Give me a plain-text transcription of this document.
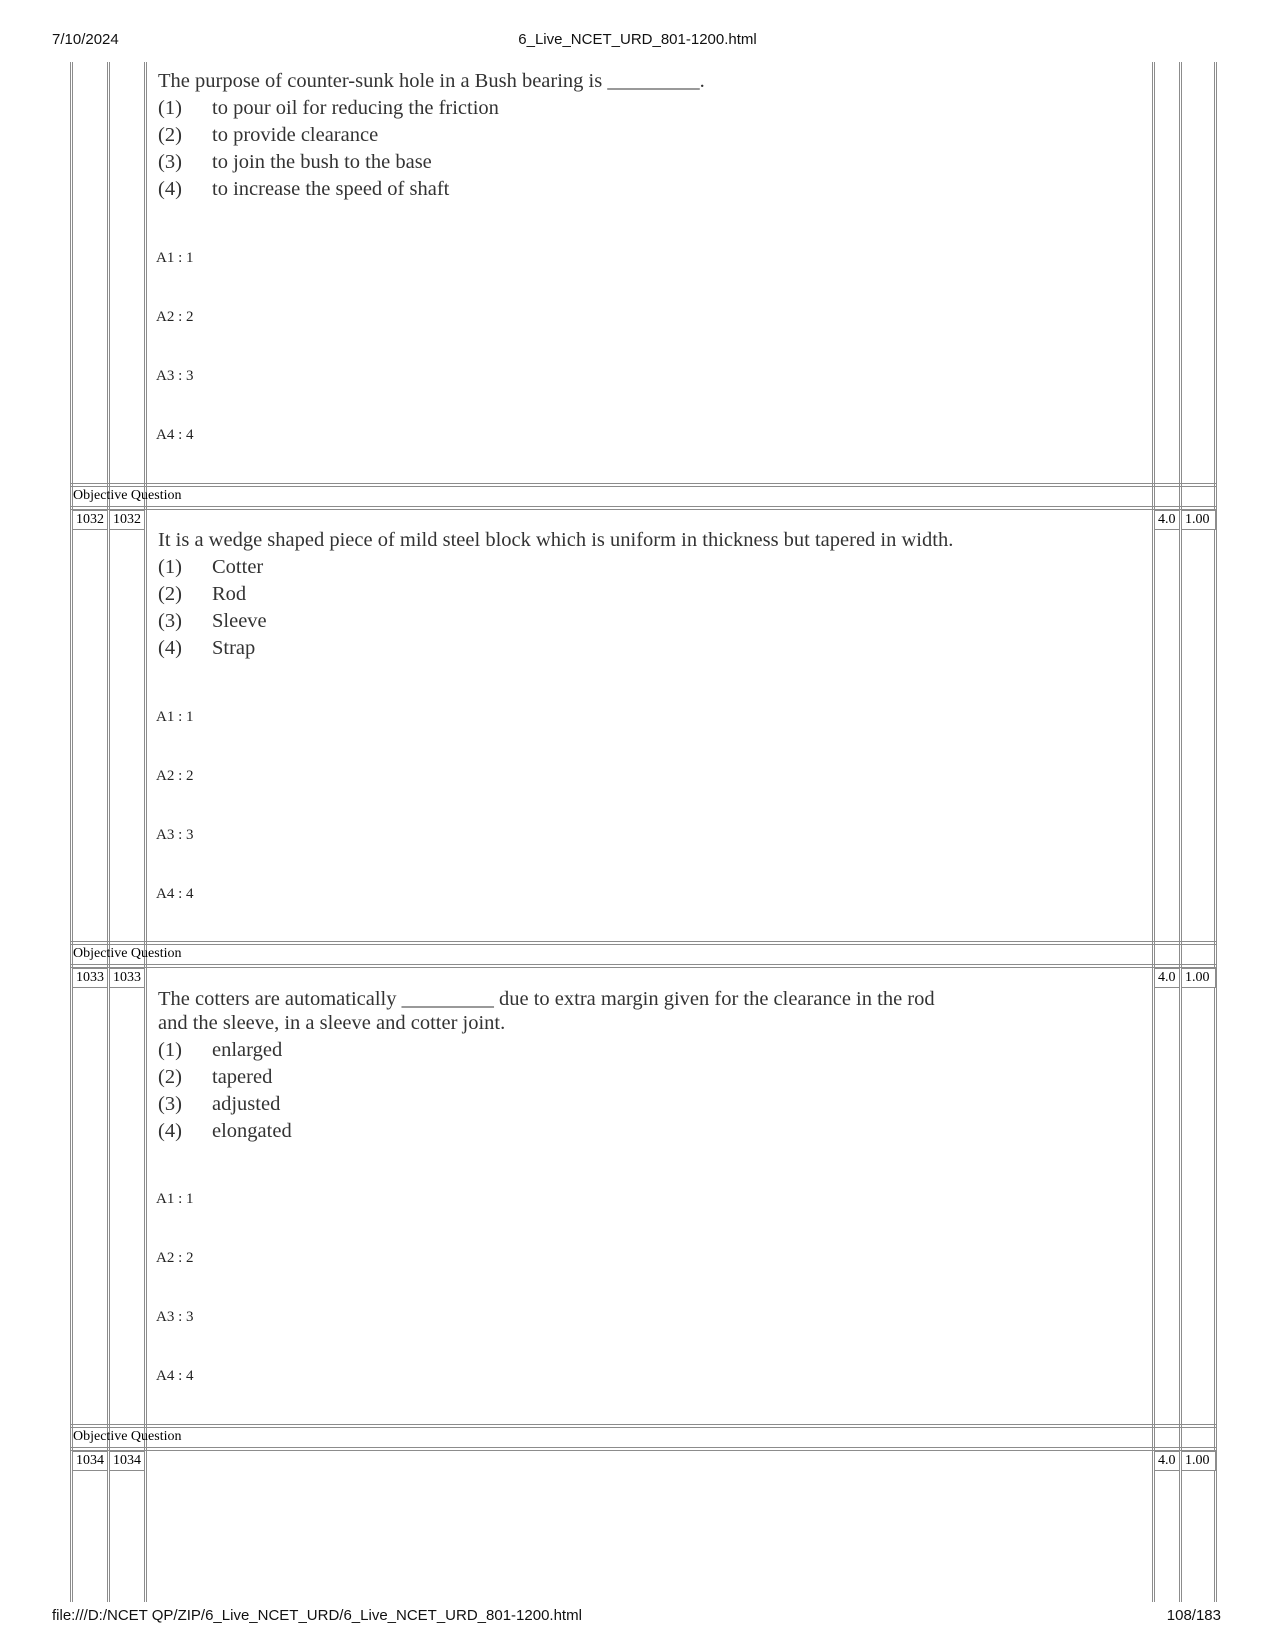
7/10/2024	6_Live_NCET_URD_801-1200.html
file:///D:/NCET QP/ZIP/6_Live_NCET_URD/6_Live_NCET_URD_801-1200.html	108/183
The purpose of counter-sunk hole in a Bush bearing is _________.
(1)	to pour oil for reducing the friction
(2)	to provide clearance
(3)	to join the bush to the base
(4)	to increase the speed of shaft
A1 : 1
A2 : 2
A3 : 3
A4 : 4
Objective Question
1032 1032	4.0 1.00
It is a wedge shaped piece of mild steel block which is uniform in thickness but tapered in width.
(1)	Cotter
(2)	Rod
(3)	Sleeve
(4)	Strap
A1 : 1
A2 : 2
A3 : 3
A4 : 4
Objective Question
1033 1033	4.0 1.00
The cotters are automatically _________ due to extra margin given for the clearance in the rod
and the sleeve, in a sleeve and cotter joint.
(1)	enlarged
(2)	tapered
(3)	adjusted
(4)	elongated
A1 : 1
A2 : 2
A3 : 3
A4 : 4
Objective Question
1034 1034	4.0 1.00
